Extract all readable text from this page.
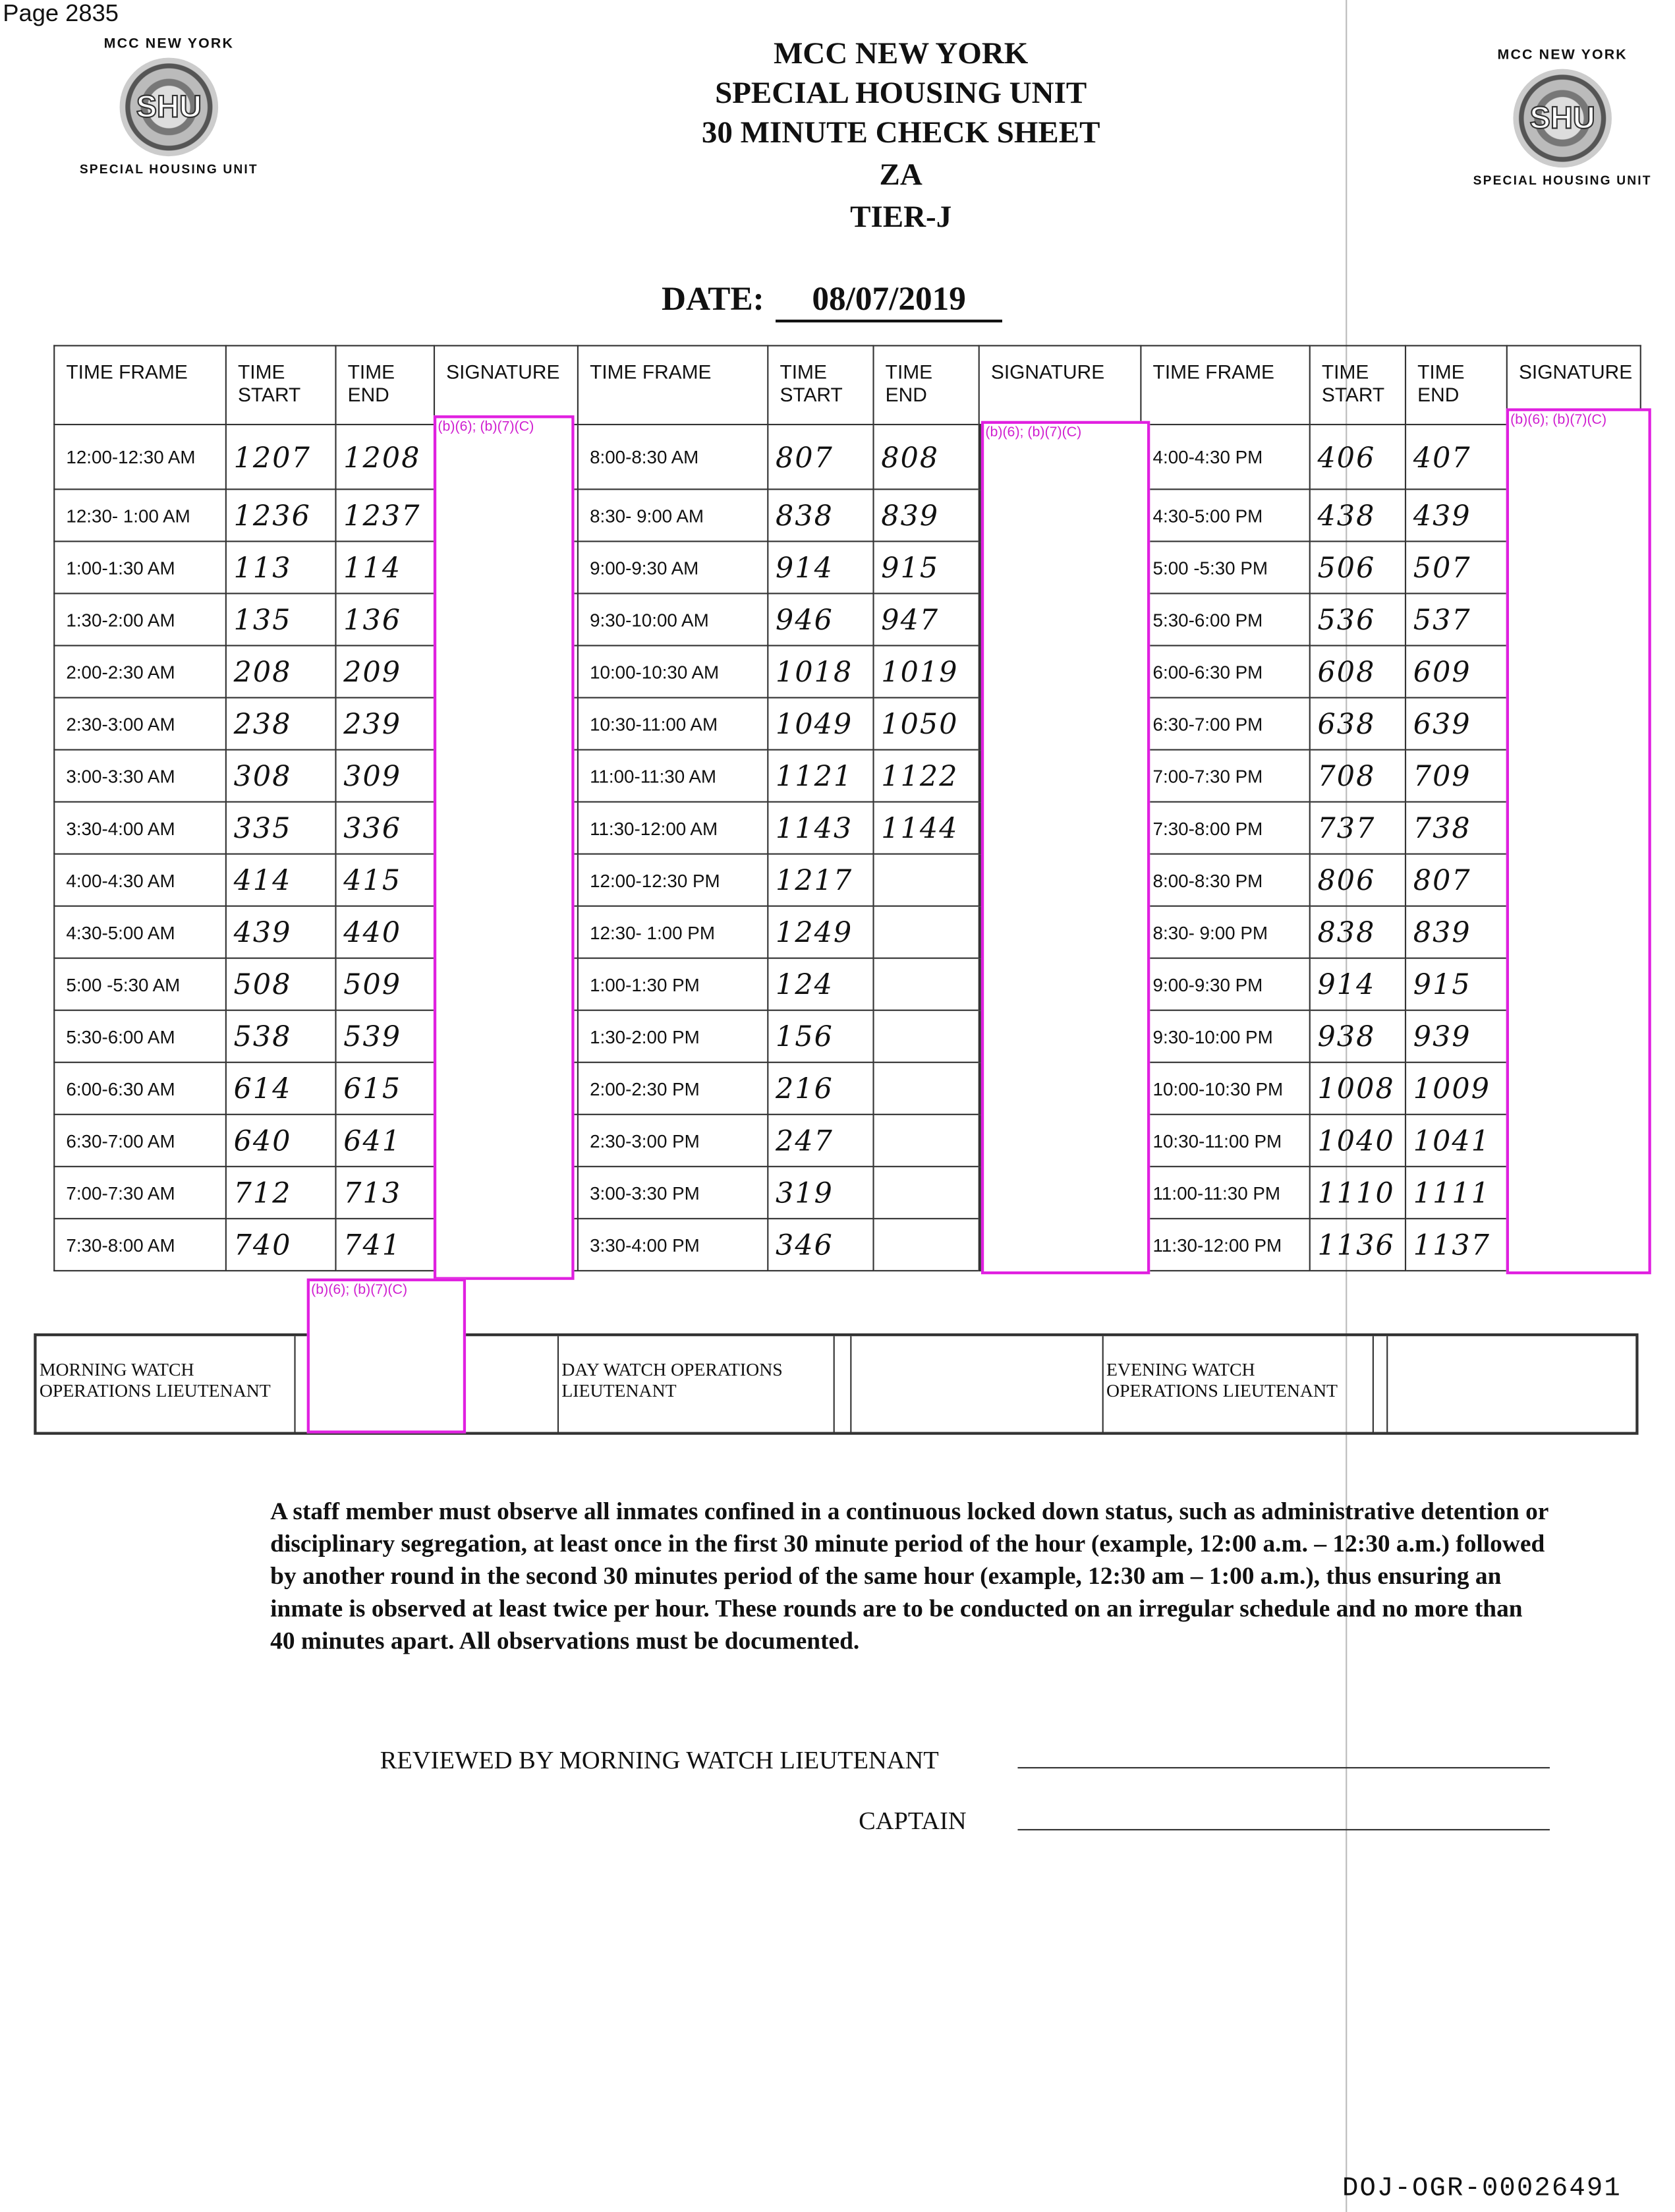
Page 2835
MCC NEW YORK
SHU
SPECIAL HOUSING UNIT
MCC NEW YORK
SHU
SPECIAL HOUSING UNIT
MCC NEW YORK
SPECIAL HOUSING UNIT
30 MINUTE CHECK SHEET
ZA
TIER-J
DATE:	08/07/2019
TIME FRAME	TIME START	TIME END	SIGNATURE	TIME FRAME	TIME START	TIME END	SIGNATURE	TIME FRAME	TIME START	TIME END	SIGNATURE
12:00-12:30 AM	1207	1208		8:00-8:30 AM	807	808		4:00-4:30 PM	406	407	
12:30- 1:00 AM	1236	1237		8:30- 9:00 AM	838	839		4:30-5:00 PM	438	439	
1:00-1:30 AM	113	114		9:00-9:30 AM	914	915		5:00 -5:30 PM	506	507	
1:30-2:00 AM	135	136		9:30-10:00 AM	946	947		5:30-6:00 PM	536	537	
2:00-2:30 AM	208	209		10:00-10:30 AM	1018	1019		6:00-6:30 PM	608	609	
2:30-3:00 AM	238	239		10:30-11:00 AM	1049	1050		6:30-7:00 PM	638	639	
3:00-3:30 AM	308	309		11:00-11:30 AM	1121	1122		7:00-7:30 PM	708	709	
3:30-4:00 AM	335	336		11:30-12:00 AM	1143	1144		7:30-8:00 PM	737	738	
4:00-4:30 AM	414	415		12:00-12:30 PM	1217			8:00-8:30 PM	806	807	
4:30-5:00 AM	439	440		12:30- 1:00 PM	1249			8:30- 9:00 PM	838	839	
5:00 -5:30 AM	508	509		1:00-1:30 PM	124			9:00-9:30 PM	914	915	
5:30-6:00 AM	538	539		1:30-2:00 PM	156			9:30-10:00 PM	938	939	
6:00-6:30 AM	614	615		2:00-2:30 PM	216			10:00-10:30 PM	1008	1009	
6:30-7:00 AM	640	641		2:30-3:00 PM	247			10:30-11:00 PM	1040	1041	
7:00-7:30 AM	712	713		3:00-3:30 PM	319			11:00-11:30 PM	1110	1111	
7:30-8:00 AM	740	741		3:30-4:00 PM	346			11:30-12:00 PM	1136	1137	
(b)(6); (b)(7)(C)	(b)(6); (b)(7)(C)
(b)(6); (b)(7)(C)
MORNING WATCH OPERATIONS LIEUTENANT
DAY WATCH OPERATIONS LIEUTENANT
EVENING WATCH OPERATIONS LIEUTENANT
(b)(6); (b)(7)(C)
A staff member must observe all inmates confined in a continuous locked down status, such as administrative detention or disciplinary segregation, at least once in the first 30 minute period of the hour (example, 12:00 a.m. – 12:30 a.m.) followed by another round in the second 30 minutes period of the same hour (example, 12:30 am – 1:00 a.m.), thus ensuring an inmate is observed at least twice per hour. These rounds are to be conducted on an irregular schedule and no more than 40 minutes apart. All observations must be documented.
REVIEWED BY MORNING WATCH LIEUTENANT
CAPTAIN
DOJ-OGR-00026491
